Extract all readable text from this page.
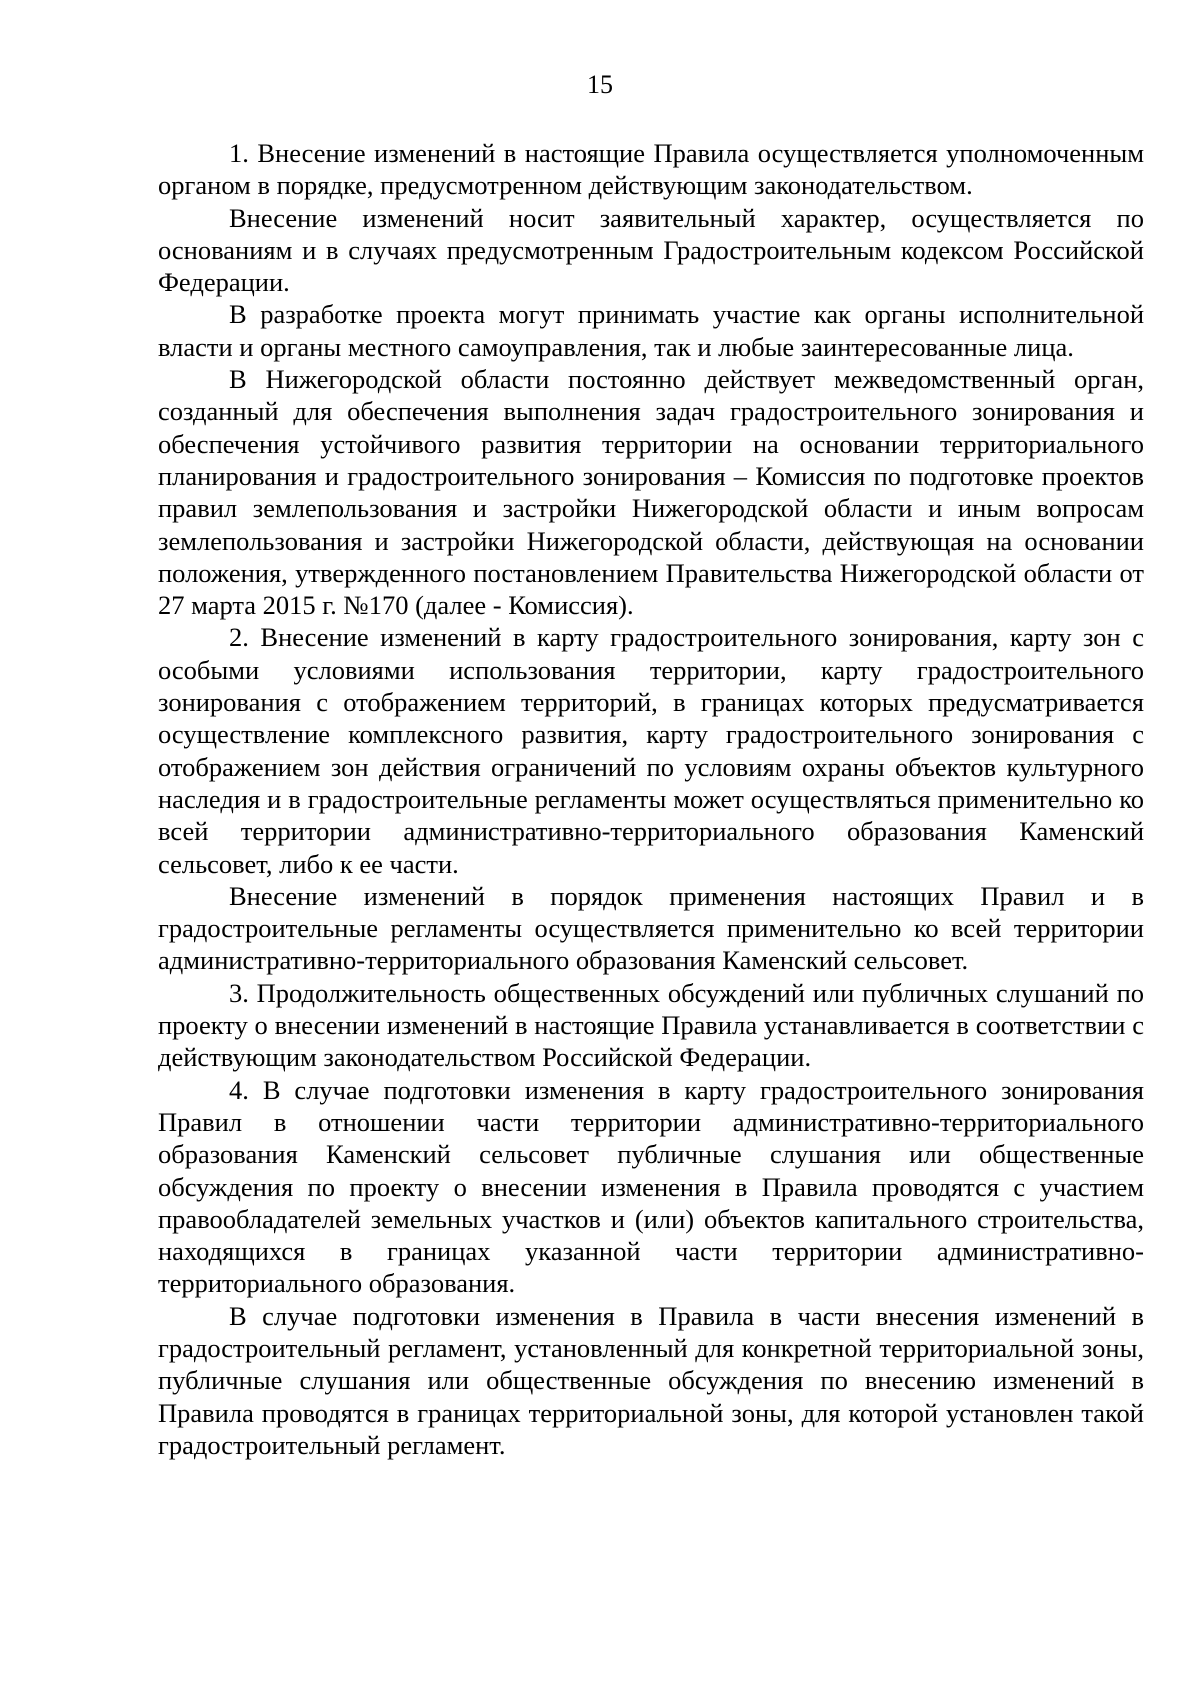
15

1. Внесение изменений в настоящие Правила осуществляется уполномоченным органом в порядке, предусмотренном действующим законодательством.

Внесение изменений носит заявительный характер, осуществляется по основаниям и в случаях предусмотренным Градостроительным кодексом Российской Федерации.

В разработке проекта могут принимать участие как органы исполнительной власти и органы местного самоуправления, так и любые заинтересованные лица.

В Нижегородской области постоянно действует межведомственный орган, созданный для обеспечения выполнения задач градостроительного зонирования и обеспечения устойчивого развития территории на основании территориального планирования и градостроительного зонирования – Комиссия по подготовке проектов правил землепользования и застройки Нижегородской области и иным вопросам землепользования и застройки Нижегородской области, действующая на основании положения, утвержденного постановлением Правительства Нижегородской области от 27 марта 2015 г. №170 (далее - Комиссия).

2. Внесение изменений в карту градостроительного зонирования, карту зон с особыми условиями использования территории, карту градостроительного зонирования с отображением территорий, в границах которых предусматривается осуществление комплексного развития, карту градостроительного зонирования с отображением зон действия ограничений по условиям охраны объектов культурного наследия и в градостроительные регламенты может осуществляться применительно ко всей территории административно-территориального образования Каменский сельсовет, либо к ее части.

Внесение изменений в порядок применения настоящих Правил и в градостроительные регламенты осуществляется применительно ко всей территории административно-территориального образования Каменский сельсовет.

3. Продолжительность общественных обсуждений или публичных слушаний по проекту о внесении изменений в настоящие Правила устанавливается в соответствии с действующим законодательством Российской Федерации.

4. В случае подготовки изменения в карту градостроительного зонирования Правил в отношении части территории административно-территориального образования Каменский сельсовет публичные слушания или общественные обсуждения по проекту о внесении изменения в Правила проводятся с участием правообладателей земельных участков и (или) объектов капитального строительства, находящихся в границах указанной части территории административно-территориального образования.

В случае подготовки изменения в Правила в части внесения изменений в градостроительный регламент, установленный для конкретной территориальной зоны, публичные слушания или общественные обсуждения по внесению изменений в Правила проводятся в границах территориальной зоны, для которой установлен такой градостроительный регламент.
